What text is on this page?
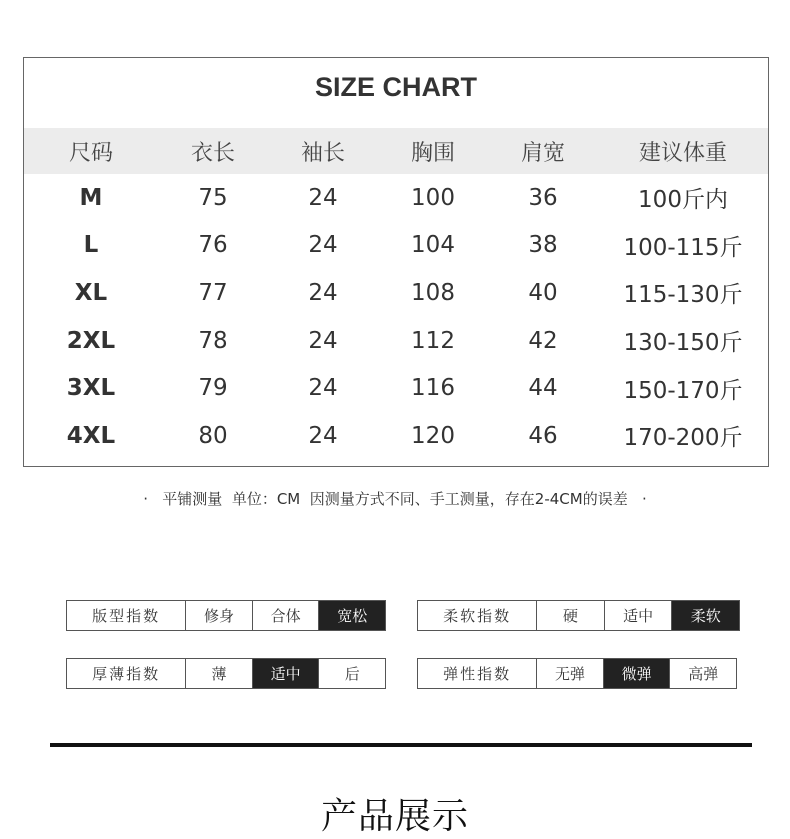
SIZE CHART
尺码	衣长	袖长	胸围	肩宽	建议体重
M	75	24	100	36	100斤内
L	76	24	104	38	100-115斤
XL	77	24	108	40	115-130斤
2XL	78	24	112	42	130-150斤
3XL	79	24	116	44	150-170斤
4XL	80	24	120	46	170-200斤
·   平铺测量  单位：CM  因测量方式不同、手工测量，存在2-4CM的误差   ·
版型指数	修身	合体	宽松	柔软指数	硬	适中	柔软
厚薄指数	薄	适中	后	弹性指数	无弹	微弹	高弹
产品展示
